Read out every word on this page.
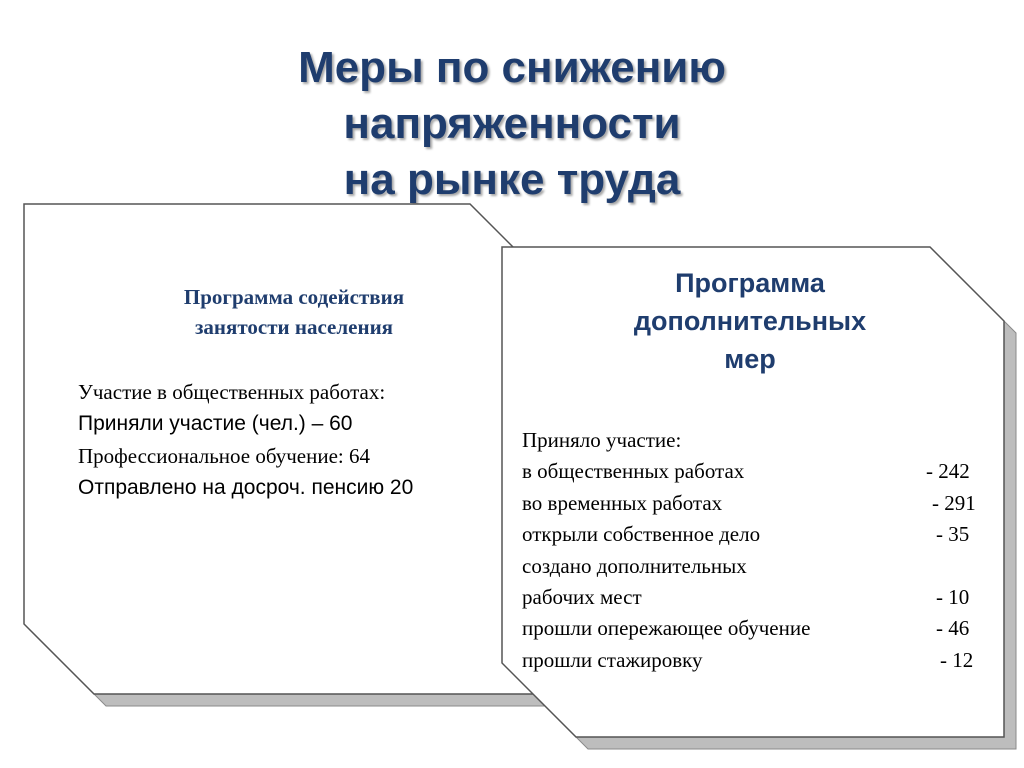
Меры по снижению
напряженности
на рынке труда
Программа содействия
занятости населения
Участие в общественных работах:
Приняли участие (чел.) – 60
Профессиональное обучение: 64
Отправлено на досроч. пенсию 20
Программа
дополнительных
мер
Приняло участие:
в общественных работах	- 242
во временных работах	- 291
открыли собственное дело	- 35
создано дополнительных
рабочих мест	- 10
прошли опережающее обучение	- 46
прошли стажировку	- 12
